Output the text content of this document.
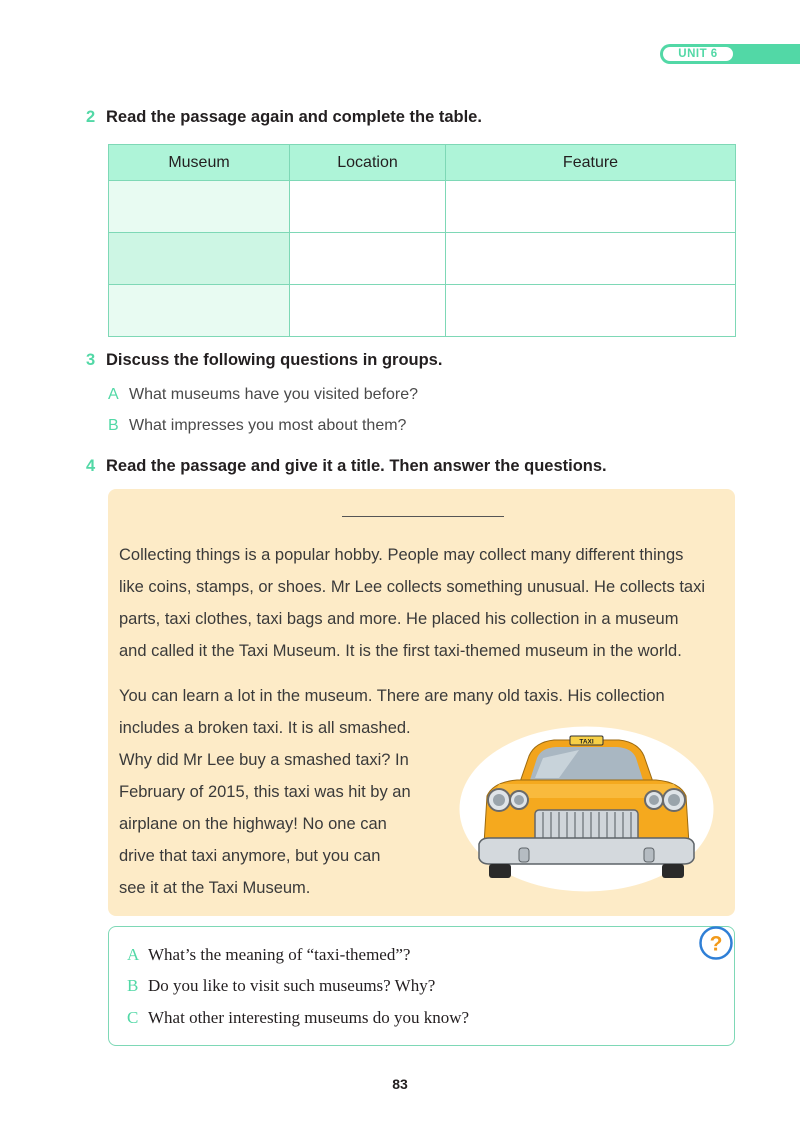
UNIT 6
2 Read the passage again and complete the table.
Museum	Location	Feature

3 Discuss the following questions in groups.
A What museums have you visited before?
B What impresses you most about them?
4 Read the passage and give it a title. Then answer the questions.
Collecting things is a popular hobby. People may collect many different things
like coins, stamps, or shoes. Mr Lee collects something unusual. He collects taxi
parts, taxi clothes, taxi bags and more. He placed his collection in a museum
and called it the Taxi Museum. It is the first taxi-themed museum in the world.
You can learn a lot in the museum. There are many old taxis. His collection
includes a broken taxi. It is all smashed.
Why did Mr Lee buy a smashed taxi? In
February of 2015, this taxi was hit by an
airplane on the highway! No one can
drive that taxi anymore, but you can
see it at the Taxi Museum.
TAXI
?
A What’s the meaning of “taxi-themed”?
B Do you like to visit such museums? Why?
C What other interesting museums do you know?
83
